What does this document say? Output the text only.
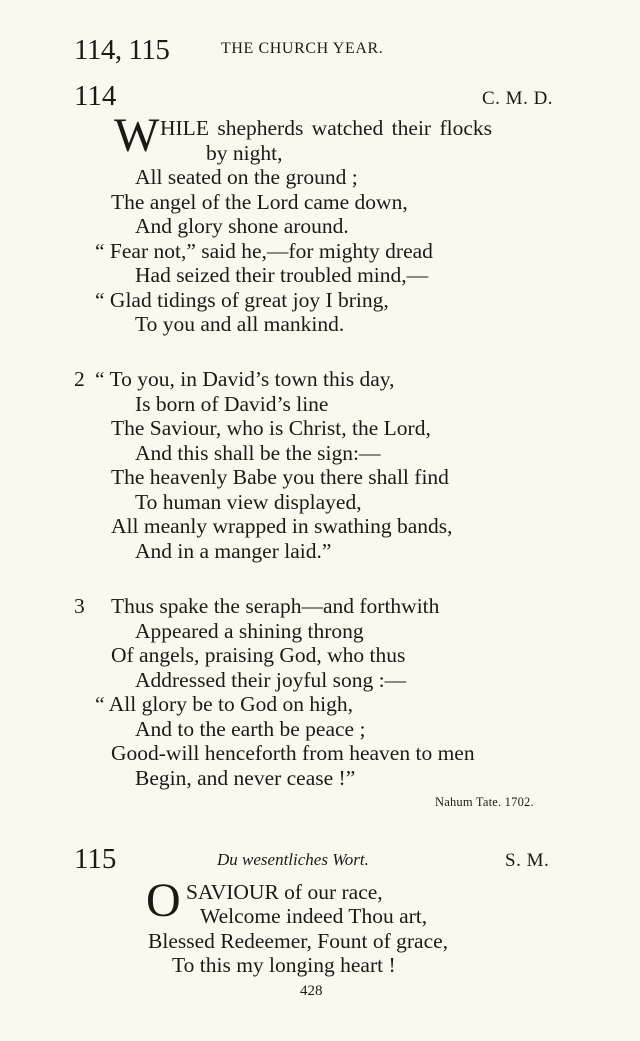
114, 115	THE CHURCH YEAR.
114	C. M. D.
W HILE shepherds watched their flocks
by night,
All seated on the ground ;
The angel of the Lord came down,
And glory shone around.
“ Fear not,” said he,—for mighty dread
Had seized their troubled mind,—
“ Glad tidings of great joy I bring,
To you and all mankind.
2 “ To you, in David’s town this day,
Is born of David’s line
The Saviour, who is Christ, the Lord,
And this shall be the sign:—
The heavenly Babe you there shall find
To human view displayed,
All meanly wrapped in swathing bands,
And in a manger laid.”
3 Thus spake the seraph—and forthwith
Appeared a shining throng
Of angels, praising God, who thus
Addressed their joyful song :—
“ All glory be to God on high,
And to the earth be peace ;
Good-will henceforth from heaven to men
Begin, and never cease !”
Nahum Tate. 1702.
115	Du wesentliches Wort.	S. M.
O SAVIOUR of our race,
Welcome indeed Thou art,
Blessed Redeemer, Fount of grace,
To this my longing heart !
428
